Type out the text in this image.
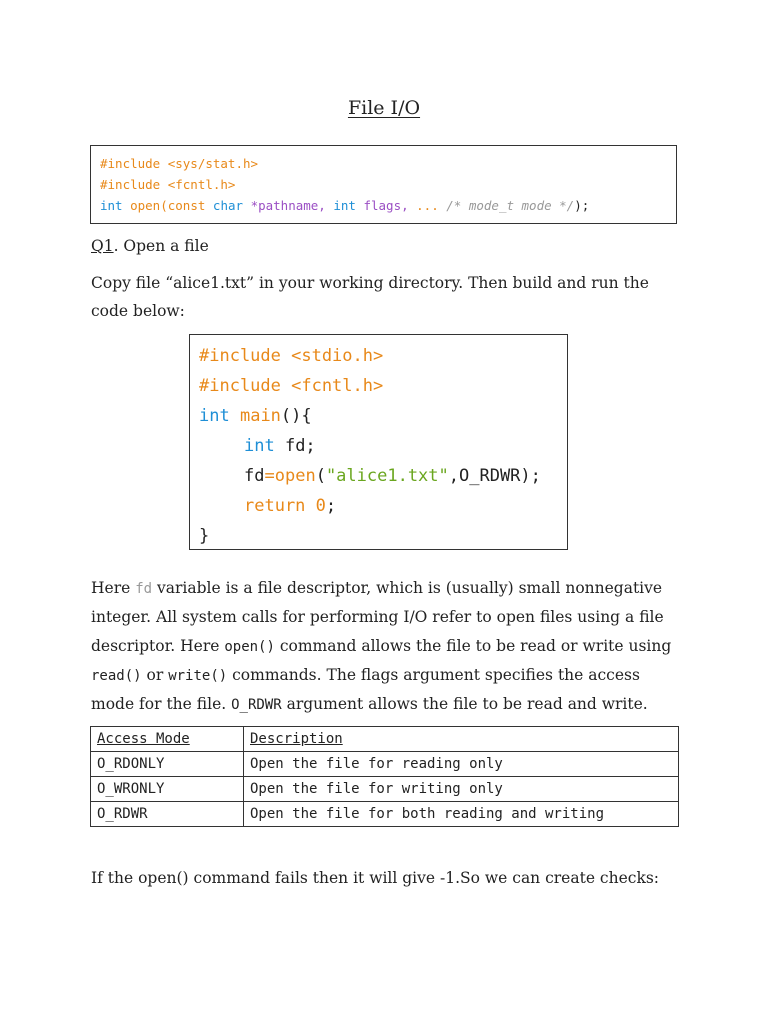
File I/O
#include <sys/stat.h>
#include <fcntl.h>
int open(const char *pathname, int flags, ... /* mode_t mode */);
Q1. Open a file
Copy file “alice1.txt” in your working directory. Then build and run the code below:
#include <stdio.h>
#include <fcntl.h>
int main(){
int fd;
fd=open("alice1.txt",O_RDWR);
return 0;
}
Here fd variable is a file descriptor, which is (usually) small nonnegative integer. All system calls for performing I/O refer to open files using a file descriptor. Here open() command allows the file to be read or write using read() or write() commands. The flags argument specifies the access mode for the file. O_RDWR argument allows the file to be read and write.
Access Mode	Description
O_RDONLY	Open the file for reading only
O_WRONLY	Open the file for writing only
O_RDWR	Open the file for both reading and writing
If the open() command fails then it will give -1.So we can create checks:
